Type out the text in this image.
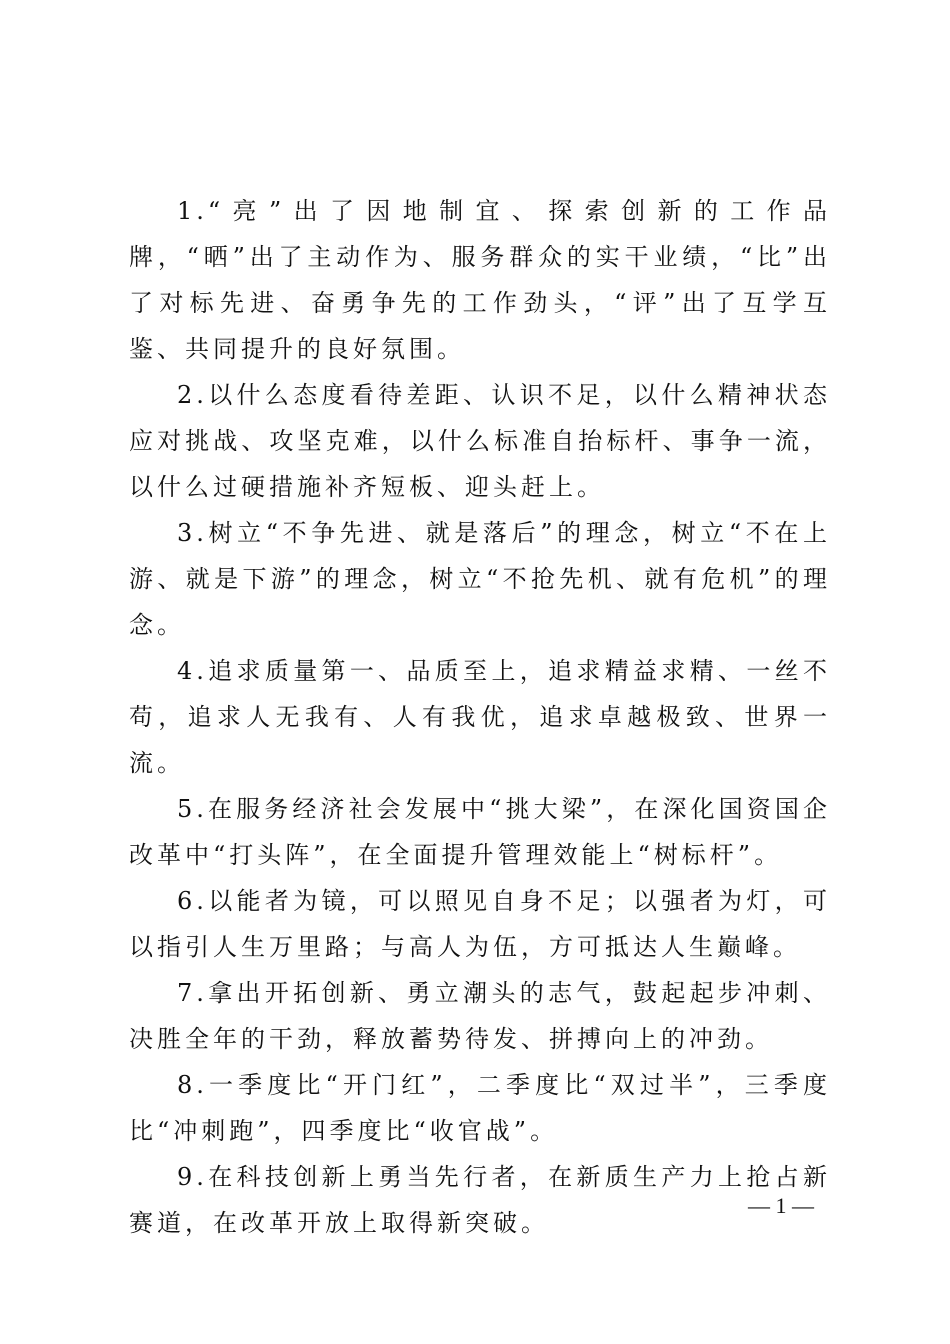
1.“亮”出了因地制宜、探索创新的工作品牌，“晒”出了主动作为、服务群众的实干业绩，“比”出了对标先进、奋勇争先的工作劲头，“评”出了互学互鉴、共同提升的良好氛围。

2.以什么态度看待差距、认识不足，以什么精神状态应对挑战、攻坚克难，以什么标准自抬标杆、事争一流，以什么过硬措施补齐短板、迎头赶上。

3.树立“不争先进、就是落后”的理念，树立“不在上游、就是下游”的理念，树立“不抢先机、就有危机”的理念。

4.追求质量第一、品质至上，追求精益求精、一丝不苟，追求人无我有、人有我优，追求卓越极致、世界一流。

5.在服务经济社会发展中“挑大梁”，在深化国资国企改革中“打头阵”，在全面提升管理效能上“树标杆”。

6.以能者为镜，可以照见自身不足；以强者为灯，可以指引人生万里路；与高人为伍，方可抵达人生巅峰。

7.拿出开拓创新、勇立潮头的志气，鼓起起步冲刺、决胜全年的干劲，释放蓄势待发、拼搏向上的冲劲。

8.一季度比“开门红”，二季度比“双过半”，三季度比“冲刺跑”，四季度比“收官战”。

9.在科技创新上勇当先行者，在新质生产力上抢占新赛道，在改革开放上取得新突破。

— 1 —
